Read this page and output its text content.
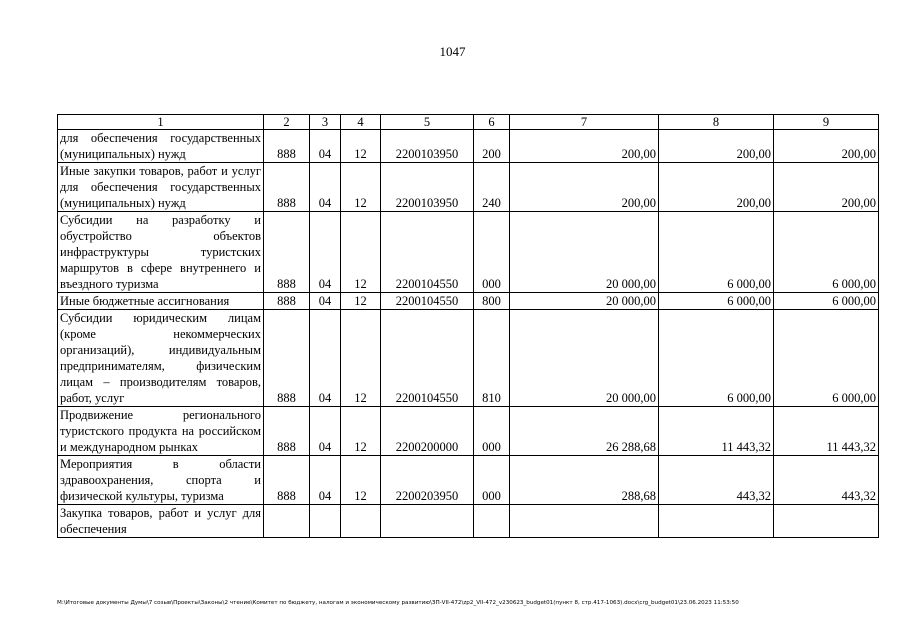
1047
1	2	3	4	5	6	7	8	9
для обеспечения государственных (муниципальных) нужд	888	04	12	2200103950	200	200,00	200,00	200,00
Иные закупки товаров, работ и услуг для обеспечения государственных (муниципальных) нужд	888	04	12	2200103950	240	200,00	200,00	200,00
Субсидии на разработку и обустройство объектов инфраструктуры туристских маршрутов в сфере внутреннего и въездного туризма	888	04	12	2200104550	000	20 000,00	6 000,00	6 000,00
Иные бюджетные ассигнования	888	04	12	2200104550	800	20 000,00	6 000,00	6 000,00
Субсидии юридическим лицам (кроме некоммерческих организаций), индивидуальным предпринимателям, физическим лицам – производителям товаров, работ, услуг	888	04	12	2200104550	810	20 000,00	6 000,00	6 000,00
Продвижение регионального туристского продукта на российском и международном рынках	888	04	12	2200200000	000	26 288,68	11 443,32	11 443,32
Мероприятия в области здравоохранения, спорта и физической культуры, туризма	888	04	12	2200203950	000	288,68	443,32	443,32
Закупка товаров, работ и услуг для обеспечения								
M:\Итоговые документы Думы\7 созыв\Проекты\Законы\2 чтение\Комитет по бюджету, налогам и экономическому развитию\ЗП-VII-472\zp2_VII-472_v230623_budget01(пункт 8, стр.417-1063).docx\crg_budget01\23.06.2023 11:53:50
